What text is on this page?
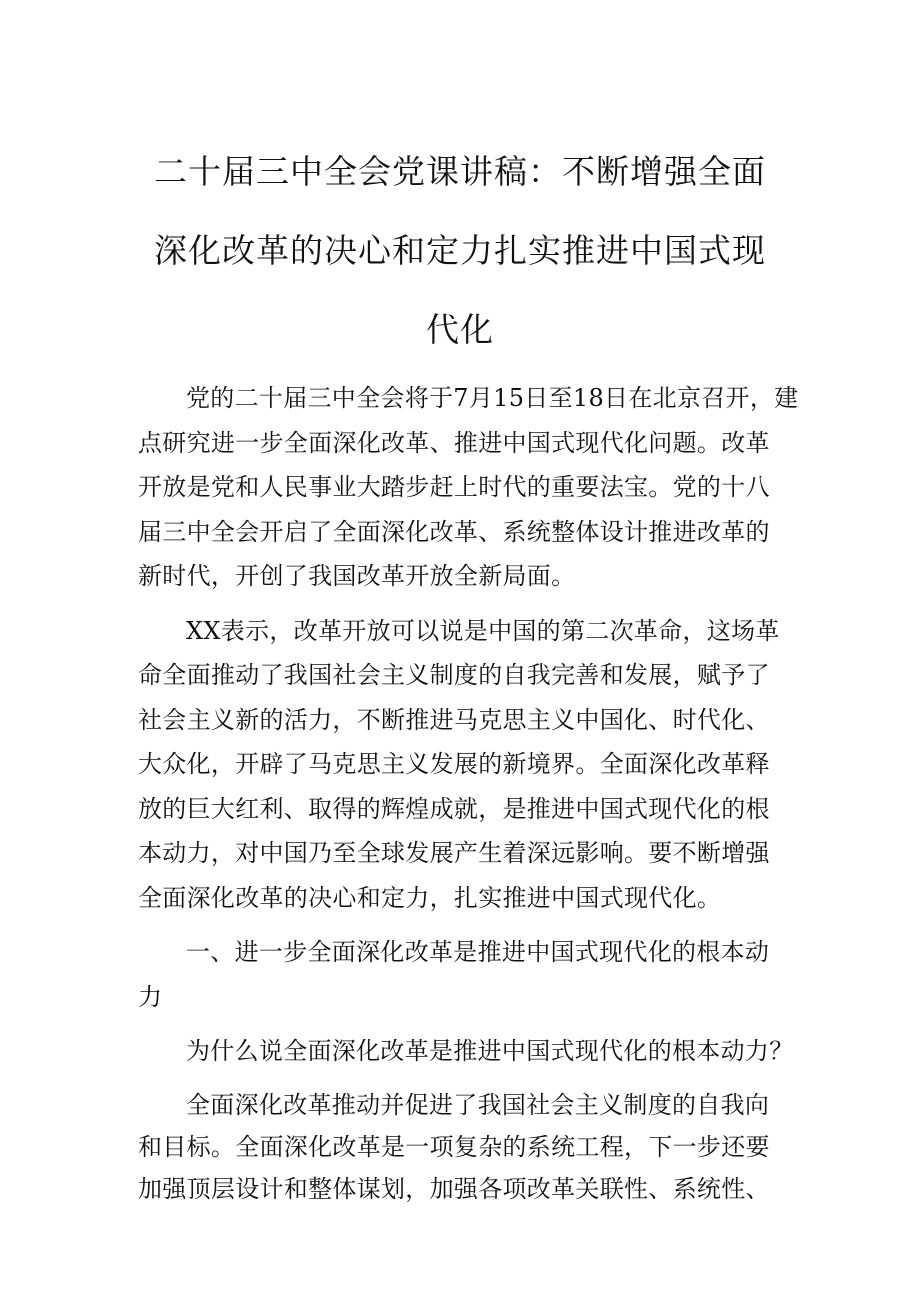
二十届三中全会党课讲稿：不断增强全面
深化改革的决心和定力扎实推进中国式现
代化
党的二十届三中全会将于7月15日至18日在北京召开，建
点研究进一步全面深化改革、推进中国式现代化问题。改革
开放是党和人民事业大踏步赶上时代的重要法宝。党的十八
届三中全会开启了全面深化改革、系统整体设计推进改革的
新时代，开创了我国改革开放全新局面。
XX表示，改革开放可以说是中国的第二次革命，这场革
命全面推动了我国社会主义制度的自我完善和发展，赋予了
社会主义新的活力，不断推进马克思主义中国化、时代化、
大众化，开辟了马克思主义发展的新境界。全面深化改革释
放的巨大红利、取得的辉煌成就，是推进中国式现代化的根
本动力，对中国乃至全球发展产生着深远影响。要不断增强
全面深化改革的决心和定力，扎实推进中国式现代化。
一、进一步全面深化改革是推进中国式现代化的根本动
力
为什么说全面深化改革是推进中国式现代化的根本动力？
全面深化改革推动并促进了我国社会主义制度的自我向
和目标。全面深化改革是一项复杂的系统工程，下一步还要
加强顶层设计和整体谋划，加强各项改革关联性、系统性、
